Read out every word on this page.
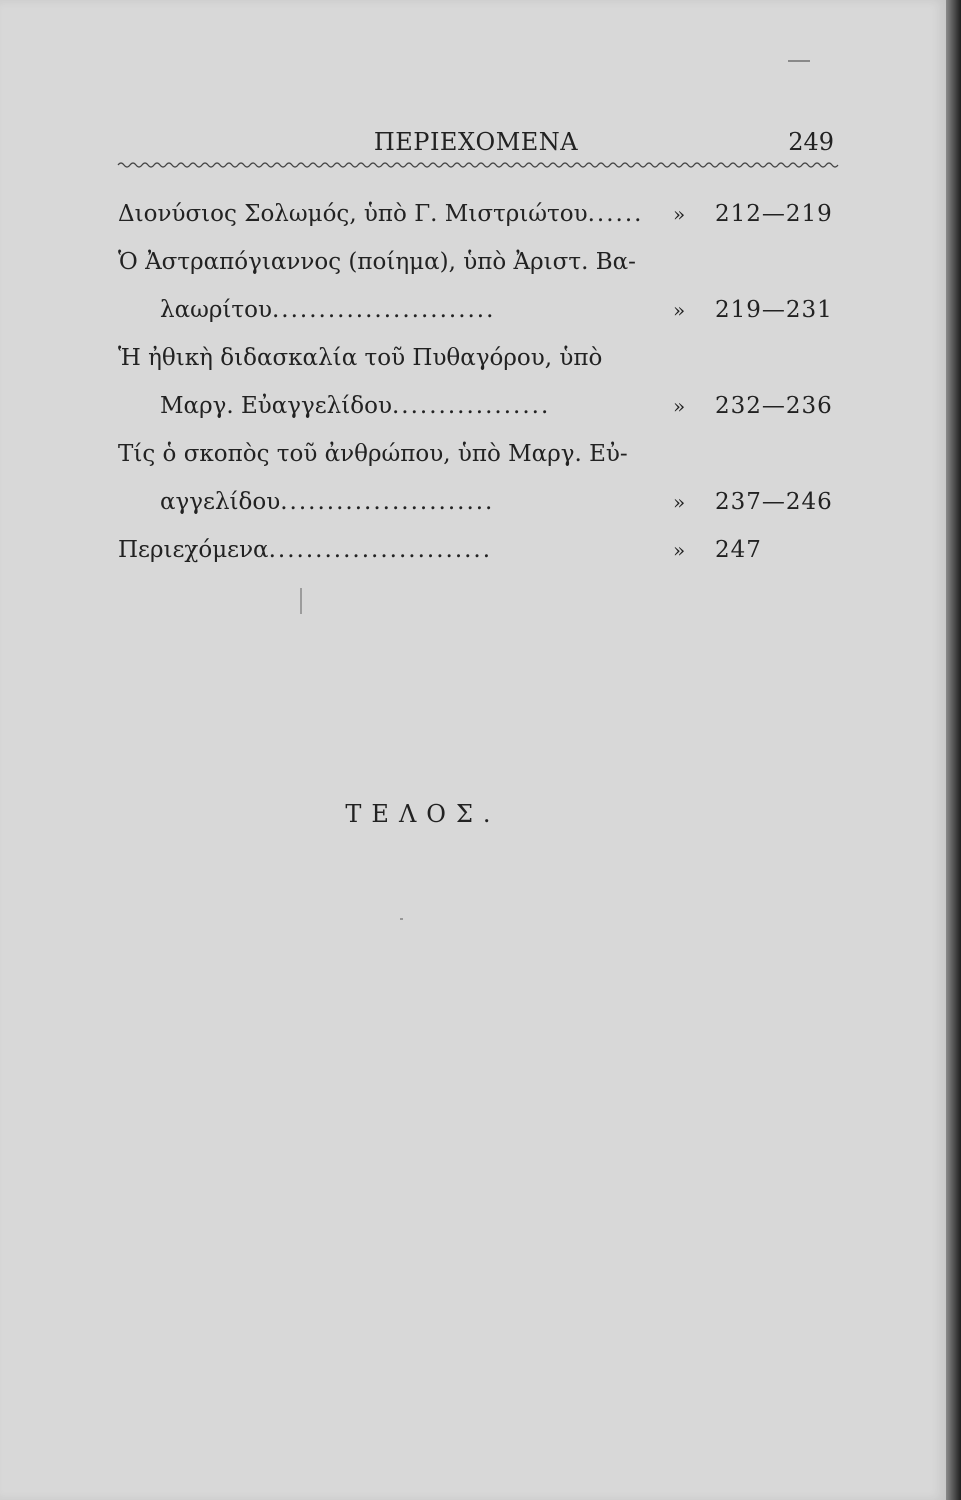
ΠΕΡΙΕΧΟΜΕΝΑ	249
Διονύσιος Σολωμός, ὑπὸ Γ. Μιστριώτου...... » 212—219
Ὁ Ἀστραπόγιαννος (ποίημα), ὑπὸ Ἀριστ. Βα-
λαωρίτου........................	» 219—231
Ἡ ἠθικὴ διδασκαλία τοῦ Πυθαγόρου, ὑπὸ
Μαργ. Εὐαγγελίδου.................	» 232—236
Τίς ὁ σκοπὸς τοῦ ἀνθρώπου, ὑπὸ Μαργ. Εὐ-
αγγελίδου.......................	» 237—246
Περιεχόμενα........................	» 247
ΤΕΛΟΣ.
